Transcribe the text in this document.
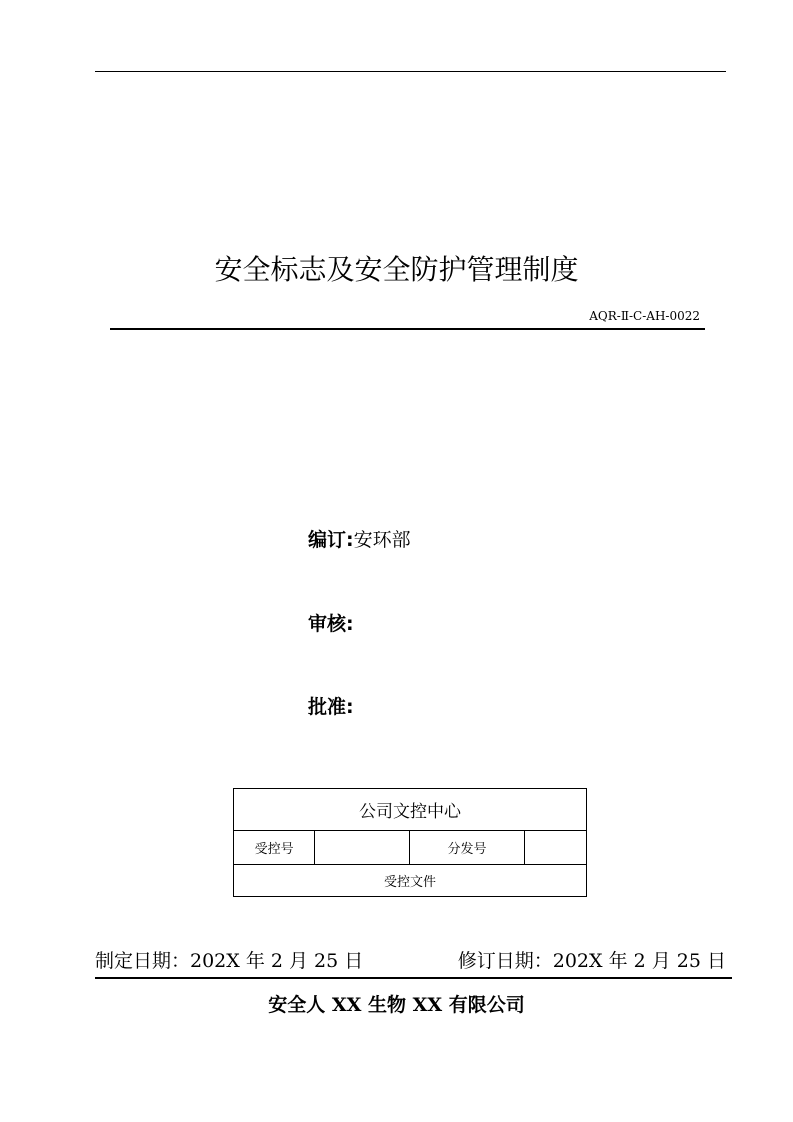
安全标志及安全防护管理制度
AQR-Ⅱ-C-AH-0022
编订:安环部
审核:
批准:
公司文控中心
受控号		分发号	
受控文件
制定日期：202X 年 2 月 25 日	修订日期：202X 年 2 月 25 日
安全人 XX 生物 XX 有限公司
